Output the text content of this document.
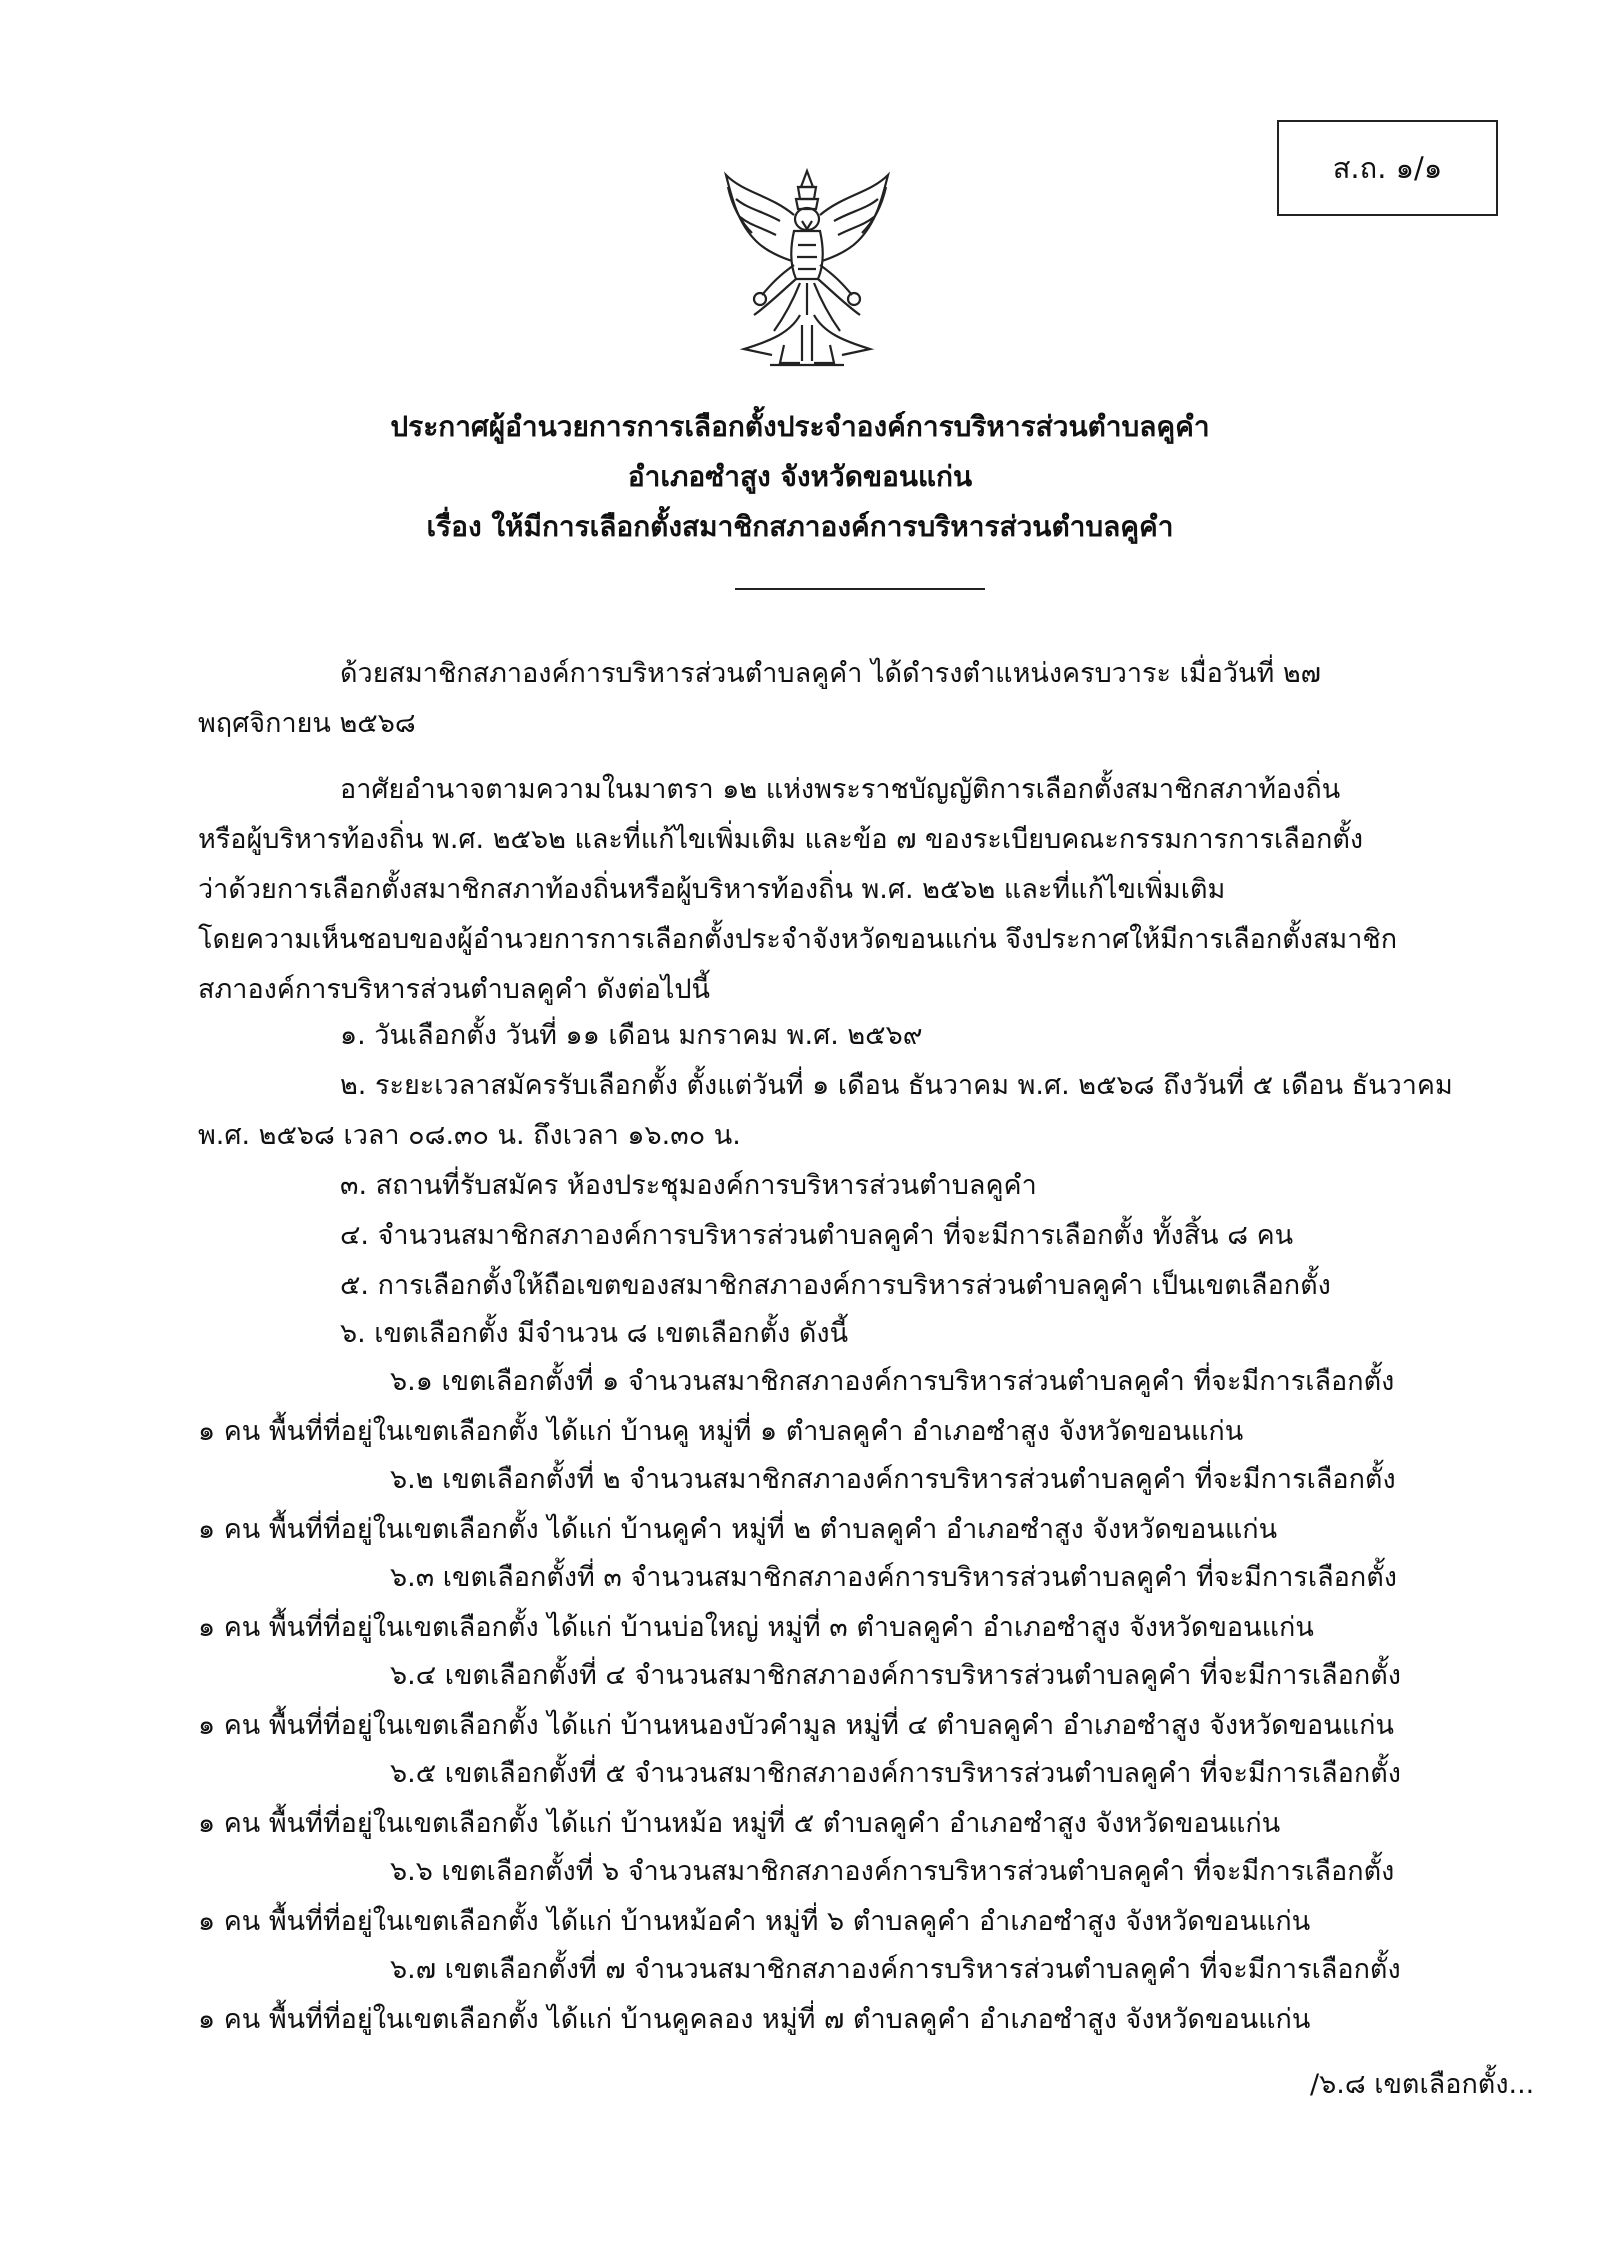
ส.ถ. ๑/๑
ประกาศผู้อำนวยการการเลือกตั้งประจำองค์การบริหารส่วนตำบลคูคำ
อำเภอซำสูง จังหวัดขอนแก่น
เรื่อง ให้มีการเลือกตั้งสมาชิกสภาองค์การบริหารส่วนตำบลคูคำ
ด้วยสมาชิกสภาองค์การบริหารส่วนตำบลคูคำ ได้ดำรงตำแหน่งครบวาระ เมื่อวันที่ ๒๗
พฤศจิกายน ๒๕๖๘
อาศัยอำนาจตามความในมาตรา ๑๒ แห่งพระราชบัญญัติการเลือกตั้งสมาชิกสภาท้องถิ่น
หรือผู้บริหารท้องถิ่น พ.ศ. ๒๕๖๒ และที่แก้ไขเพิ่มเติม และข้อ ๗ ของระเบียบคณะกรรมการการเลือกตั้ง
ว่าด้วยการเลือกตั้งสมาชิกสภาท้องถิ่นหรือผู้บริหารท้องถิ่น พ.ศ. ๒๕๖๒ และที่แก้ไขเพิ่มเติม
โดยความเห็นชอบของผู้อำนวยการการเลือกตั้งประจำจังหวัดขอนแก่น จึงประกาศให้มีการเลือกตั้งสมาชิก
สภาองค์การบริหารส่วนตำบลคูคำ ดังต่อไปนี้
๑. วันเลือกตั้ง วันที่ ๑๑ เดือน มกราคม พ.ศ. ๒๕๖๙
๒. ระยะเวลาสมัครรับเลือกตั้ง ตั้งแต่วันที่ ๑ เดือน ธันวาคม พ.ศ. ๒๕๖๘ ถึงวันที่ ๕ เดือน ธันวาคม
พ.ศ. ๒๕๖๘ เวลา ๐๘.๓๐ น. ถึงเวลา ๑๖.๓๐ น.
๓. สถานที่รับสมัคร ห้องประชุมองค์การบริหารส่วนตำบลคูคำ
๔. จำนวนสมาชิกสภาองค์การบริหารส่วนตำบลคูคำ ที่จะมีการเลือกตั้ง ทั้งสิ้น ๘ คน
๕. การเลือกตั้งให้ถือเขตของสมาชิกสภาองค์การบริหารส่วนตำบลคูคำ เป็นเขตเลือกตั้ง
๖. เขตเลือกตั้ง มีจำนวน ๘ เขตเลือกตั้ง ดังนี้
๖.๑ เขตเลือกตั้งที่ ๑ จำนวนสมาชิกสภาองค์การบริหารส่วนตำบลคูคำ ที่จะมีการเลือกตั้ง
๑ คน พื้นที่ที่อยู่ในเขตเลือกตั้ง ได้แก่ บ้านคู หมู่ที่ ๑ ตำบลคูคำ อำเภอซำสูง จังหวัดขอนแก่น
๖.๒ เขตเลือกตั้งที่ ๒ จำนวนสมาชิกสภาองค์การบริหารส่วนตำบลคูคำ ที่จะมีการเลือกตั้ง
๑ คน พื้นที่ที่อยู่ในเขตเลือกตั้ง ได้แก่ บ้านคูคำ หมู่ที่ ๒ ตำบลคูคำ อำเภอซำสูง จังหวัดขอนแก่น
๖.๓ เขตเลือกตั้งที่ ๓ จำนวนสมาชิกสภาองค์การบริหารส่วนตำบลคูคำ ที่จะมีการเลือกตั้ง
๑ คน พื้นที่ที่อยู่ในเขตเลือกตั้ง ได้แก่ บ้านบ่อใหญ่ หมู่ที่ ๓ ตำบลคูคำ อำเภอซำสูง จังหวัดขอนแก่น
๖.๔ เขตเลือกตั้งที่ ๔ จำนวนสมาชิกสภาองค์การบริหารส่วนตำบลคูคำ ที่จะมีการเลือกตั้ง
๑ คน พื้นที่ที่อยู่ในเขตเลือกตั้ง ได้แก่ บ้านหนองบัวคำมูล หมู่ที่ ๔ ตำบลคูคำ อำเภอซำสูง จังหวัดขอนแก่น
๖.๕ เขตเลือกตั้งที่ ๕ จำนวนสมาชิกสภาองค์การบริหารส่วนตำบลคูคำ ที่จะมีการเลือกตั้ง
๑ คน พื้นที่ที่อยู่ในเขตเลือกตั้ง ได้แก่ บ้านหม้อ หมู่ที่ ๕ ตำบลคูคำ อำเภอซำสูง จังหวัดขอนแก่น
๖.๖ เขตเลือกตั้งที่ ๖ จำนวนสมาชิกสภาองค์การบริหารส่วนตำบลคูคำ ที่จะมีการเลือกตั้ง
๑ คน พื้นที่ที่อยู่ในเขตเลือกตั้ง ได้แก่ บ้านหม้อคำ หมู่ที่ ๖ ตำบลคูคำ อำเภอซำสูง จังหวัดขอนแก่น
๖.๗ เขตเลือกตั้งที่ ๗ จำนวนสมาชิกสภาองค์การบริหารส่วนตำบลคูคำ ที่จะมีการเลือกตั้ง
๑ คน พื้นที่ที่อยู่ในเขตเลือกตั้ง ได้แก่ บ้านคูคลอง หมู่ที่ ๗ ตำบลคูคำ อำเภอซำสูง จังหวัดขอนแก่น
/๖.๘ เขตเลือกตั้ง...
